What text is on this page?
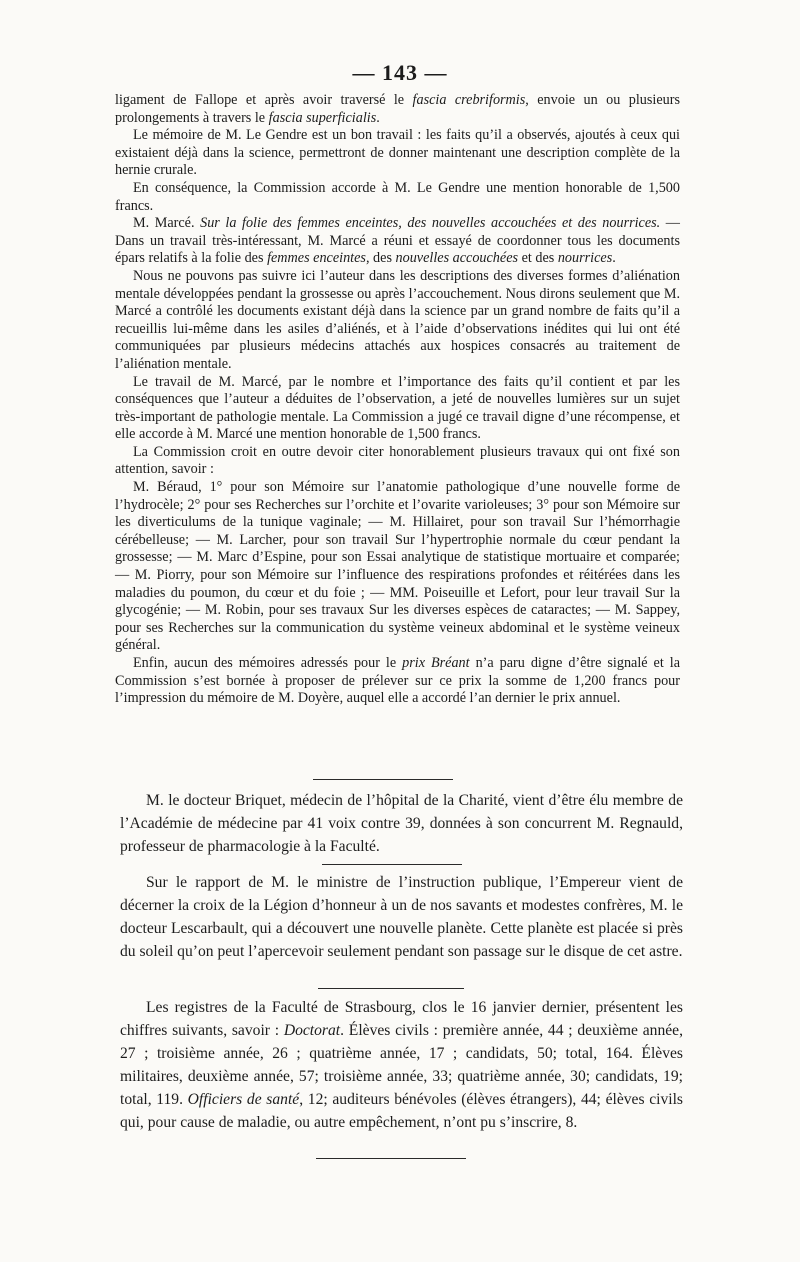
— 143 —

ligament de Fallope et après avoir traversé le fascia crebriformis, envoie un ou plusieurs prolongements à travers le fascia superficialis.

Le mémoire de M. Le Gendre est un bon travail : les faits qu’il a observés, ajoutés à ceux qui existaient déjà dans la science, permettront de donner maintenant une description complète de la hernie crurale.

En conséquence, la Commission accorde à M. Le Gendre une mention honorable de 1,500 francs.

M. Marcé. Sur la folie des femmes enceintes, des nouvelles accouchées et des nourrices. — Dans un travail très-intéressant, M. Marcé a réuni et essayé de coordonner tous les documents épars relatifs à la folie des femmes enceintes, des nouvelles accouchées et des nourrices.

Nous ne pouvons pas suivre ici l’auteur dans les descriptions des diverses formes d’aliénation mentale développées pendant la grossesse ou après l’accouchement. Nous dirons seulement que M. Marcé a contrôlé les documents existant déjà dans la science par un grand nombre de faits qu’il a recueillis lui-même dans les asiles d’aliénés, et à l’aide d’observations inédites qui lui ont été communiquées par plusieurs médecins attachés aux hospices consacrés au traitement de l’aliénation mentale.

Le travail de M. Marcé, par le nombre et l’importance des faits qu’il contient et par les conséquences que l’auteur a déduites de l’observation, a jeté de nouvelles lumières sur un sujet très-important de pathologie mentale. La Commission a jugé ce travail digne d’une récompense, et elle accorde à M. Marcé une mention honorable de 1,500 francs.

La Commission croit en outre devoir citer honorablement plusieurs travaux qui ont fixé son attention, savoir :

M. Béraud, 1° pour son Mémoire sur l’anatomie pathologique d’une nouvelle forme de l’hydrocèle; 2° pour ses Recherches sur l’orchite et l’ovarite varioleuses; 3° pour son Mémoire sur les diverticulums de la tunique vaginale; — M. Hillairet, pour son travail Sur l’hémorrhagie cérébelleuse; — M. Larcher, pour son travail Sur l’hypertrophie normale du cœur pendant la grossesse; — M. Marc d’Espine, pour son Essai analytique de statistique mortuaire et comparée; — M. Piorry, pour son Mémoire sur l’influence des respirations profondes et réitérées dans les maladies du poumon, du cœur et du foie ; — MM. Poiseuille et Lefort, pour leur travail Sur la glycogénie; — M. Robin, pour ses travaux Sur les diverses espèces de cataractes; — M. Sappey, pour ses Recherches sur la communication du système veineux abdominal et le système veineux général.

Enfin, aucun des mémoires adressés pour le prix Bréant n’a paru digne d’être signalé et la Commission s’est bornée à proposer de prélever sur ce prix la somme de 1,200 francs pour l’impression du mémoire de M. Doyère, auquel elle a accordé l’an dernier le prix annuel.

M. le docteur Briquet, médecin de l’hôpital de la Charité, vient d’être élu membre de l’Académie de médecine par 41 voix contre 39, données à son concurrent M. Regnauld, professeur de pharmacologie à la Faculté.

Sur le rapport de M. le ministre de l’instruction publique, l’Empereur vient de décerner la croix de la Légion d’honneur à un de nos savants et modestes confrères, M. le docteur Lescarbault, qui a découvert une nouvelle planète. Cette planète est placée si près du soleil qu’on peut l’apercevoir seulement pendant son passage sur le disque de cet astre.

Les registres de la Faculté de Strasbourg, clos le 16 janvier dernier, présentent les chiffres suivants, savoir : Doctorat. Élèves civils : première année, 44 ; deuxième année, 27 ; troisième année, 26 ; quatrième année, 17 ; candidats, 50; total, 164. Élèves militaires, deuxième année, 57; troisième année, 33; quatrième année, 30; candidats, 19; total, 119. Officiers de santé, 12; auditeurs bénévoles (élèves étrangers), 44; élèves civils qui, pour cause de maladie, ou autre empêchement, n’ont pu s’inscrire, 8.
